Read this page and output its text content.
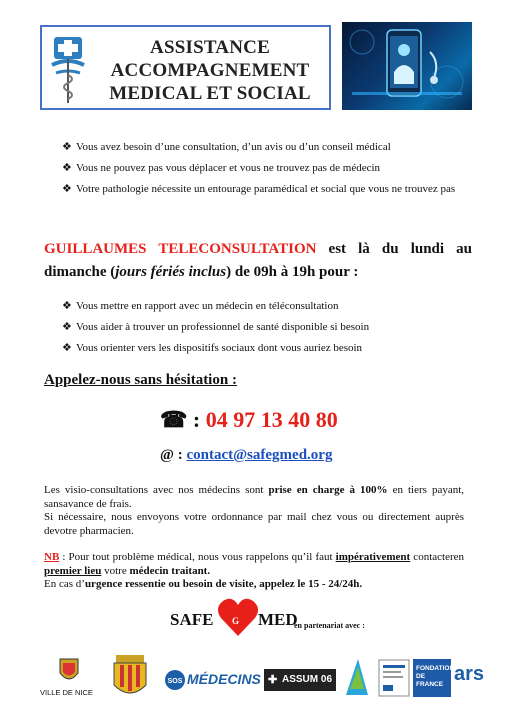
ASSISTANCE
ACCOMPAGNEMENT
MEDICAL ET SOCIAL
❖ Vous avez besoin d’une consultation, d’un avis ou d’un conseil médical
❖ Vous ne pouvez pas vous déplacer et vous ne trouvez pas de médecin
❖ Votre pathologie nécessite un entourage paramédical et social que vous ne trouvez pas
GUILLAUMES TELECONSULTATION est là du lundi au dimanche (jours fériés inclus) de 09h à 19h pour :
❖ Vous mettre en rapport avec un médecin en téléconsultation
❖ Vous aider à trouver un professionnel de santé disponible si besoin
❖ Vous orienter vers les dispositifs sociaux dont vous auriez besoin
Appelez-nous sans hésitation :
☎ : 04 97 13 40 80
@ : contact@safegmed.org
Les visio-consultations avec nos médecins sont prise en charge à 100% en tiers payant, sansavance de frais.
Si nécessaire, nous envoyons votre ordonnance par mail chez vous ou directement auprès devotre pharmacien.
NB : Pour tout problème médical, nous vous rappelons qu’il faut impérativement contacteren premier lieu votre médecin traitant.
En cas d’urgence ressentie ou besoin de visite, appelez le 15 - 24/24h.
SAFE G MED
en partenariat avec :
VILLE DE NICE
SOS MÉDECINS ✚ ASSUM 06
FONDATION DE FRANCE ars
